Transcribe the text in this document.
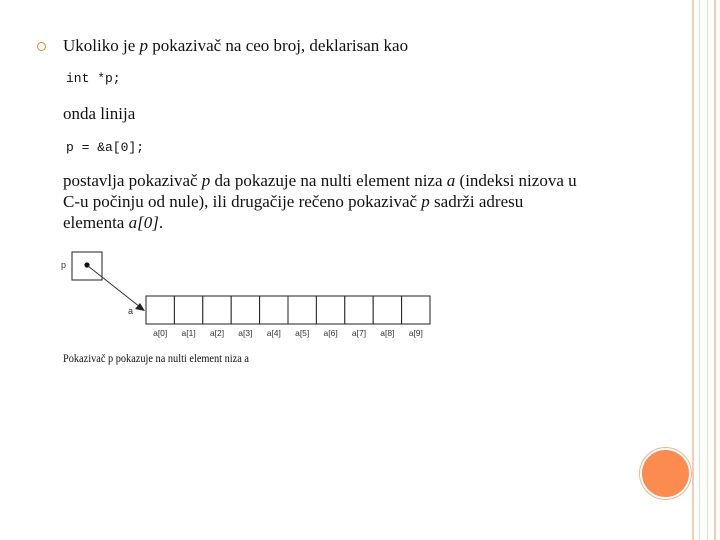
Ukoliko je p pokazivač na ceo broj, deklarisan kao
int *p;
onda linija
p = &a[0];
postavlja pokazivač p da pokazuje na nulti element niza a (indeksi nizova u
C-u počinju od nule), ili drugačije rečeno pokazivač p sadrži adresu
elementa a[0].
p
a
a[0] a[1] a[2] a[3] a[4] a[5] a[6] a[7] a[8] a[9]
Pokazivač p pokazuje na nulti element niza a
